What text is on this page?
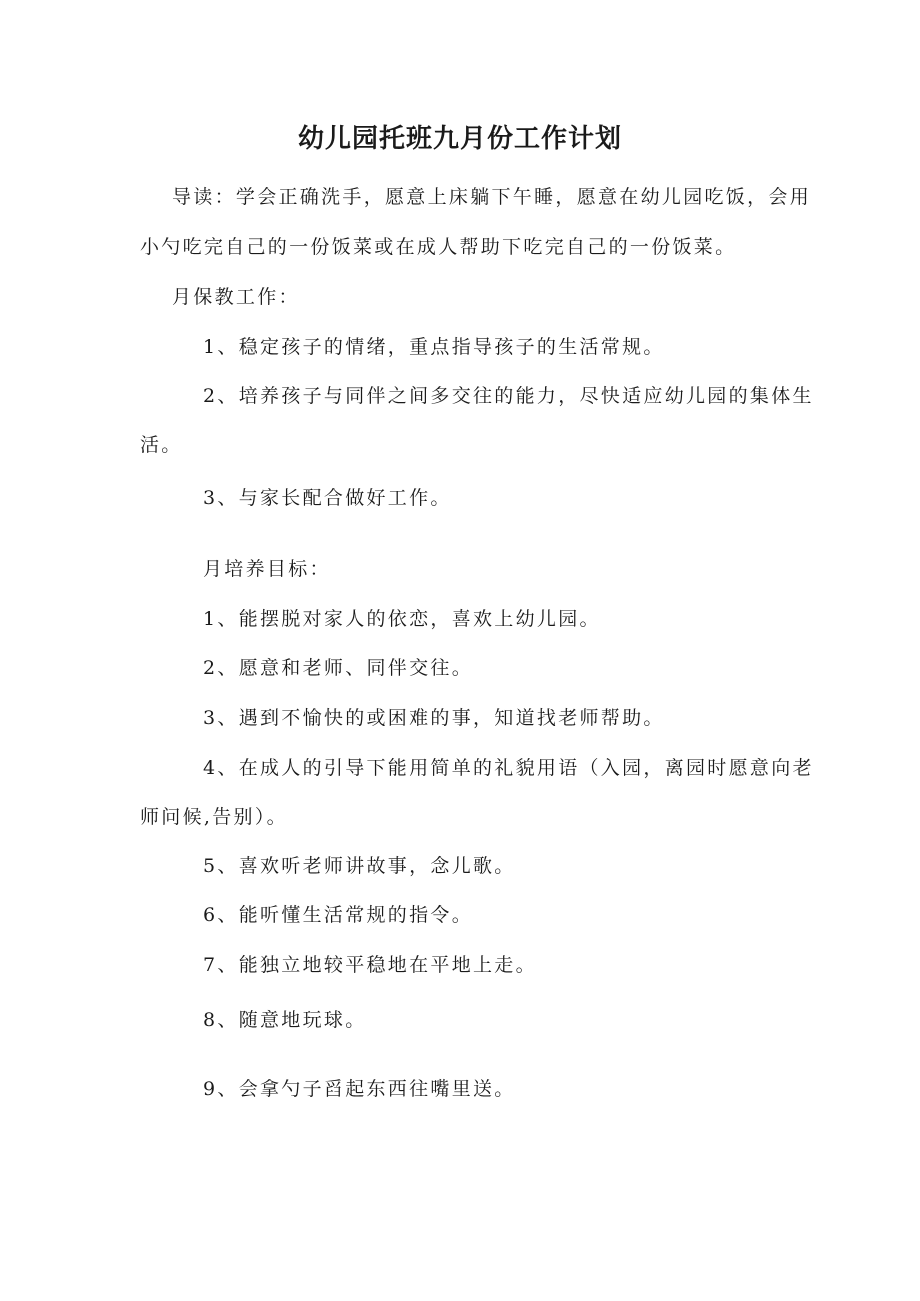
幼儿园托班九月份工作计划
导读：学会正确洗手，愿意上床躺下午睡，愿意在幼儿园吃饭，会用
小勺吃完自己的一份饭菜或在成人帮助下吃完自己的一份饭菜。
月保教工作：
1、稳定孩子的情绪，重点指导孩子的生活常规。
2、培养孩子与同伴之间多交往的能力，尽快适应幼儿园的集体生
活。
3、与家长配合做好工作。
月培养目标：
1、能摆脱对家人的依恋，喜欢上幼儿园。
2、愿意和老师、同伴交往。
3、遇到不愉快的或困难的事，知道找老师帮助。
4、在成人的引导下能用简单的礼貌用语（入园，离园时愿意向老
师问候,告别）。
5、喜欢听老师讲故事，念儿歌。
6、能听懂生活常规的指令。
7、能独立地较平稳地在平地上走。
8、随意地玩球。
9、会拿勺子舀起东西往嘴里送。
